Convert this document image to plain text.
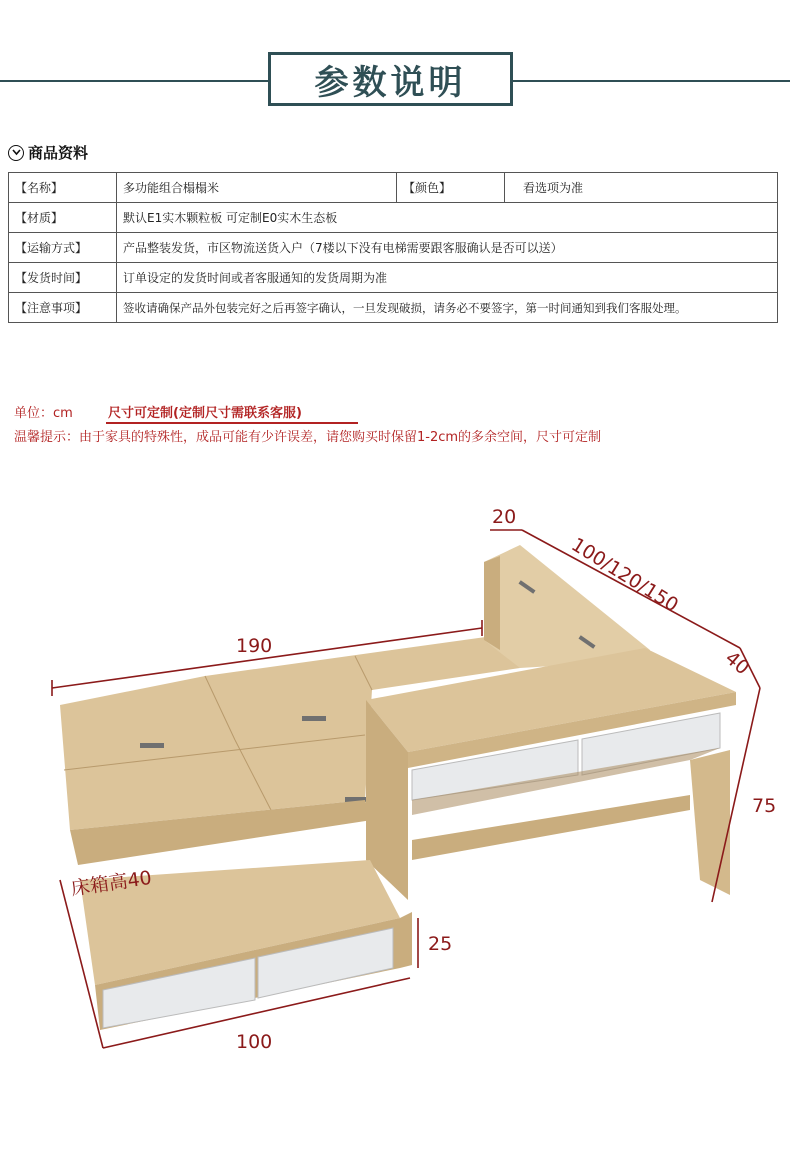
参数说明
商品资料
【名称】	多功能组合榻榻米	【颜色】	看选项为准
【材质】	默认E1实木颗粒板 可定制E0实木生态板		
【运输方式】	产品整装发货，市区物流送货入户（7楼以下没有电梯需要跟客服确认是否可以送）		
【发货时间】	订单设定的发货时间或者客服通知的发货周期为准		
【注意事项】	签收请确保产品外包装完好之后再签字确认，一旦发现破损，请务必不要签字，第一时间通知到我们客服处理。		
单位：cm	尺寸可定制(定制尺寸需联系客服)
温馨提示：由于家具的特殊性，成品可能有少许误差，请您购买时保留1-2cm的多余空间，尺寸可定制
190
20
100/120/150
40
75
床箱高40
25
100
